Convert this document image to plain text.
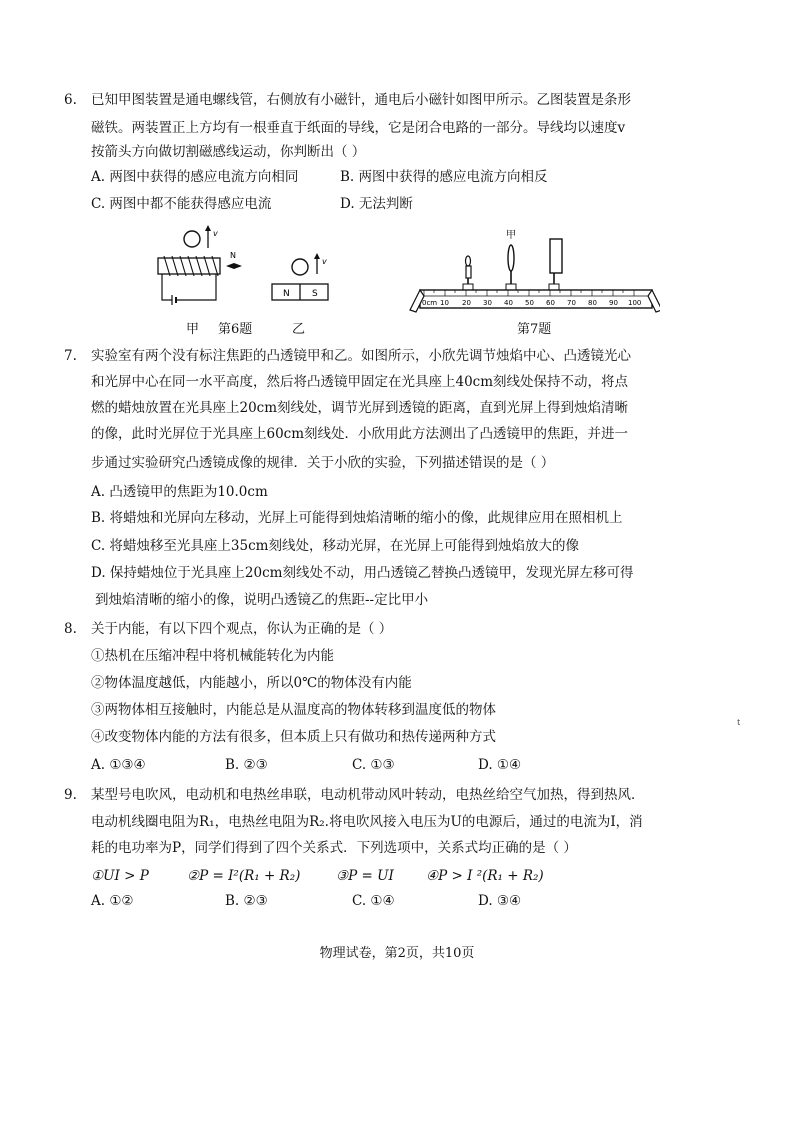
6. 已知甲图装置是通电螺线管，右侧放有小磁针，通电后小磁针如图甲所示。乙图装置是条形
磁铁。两装置正上方均有一根垂直于纸面的导线，它是闭合电路的一部分。导线均以速度v
按箭头方向做切割磁感线运动，你判断出（ ）
A. 两图中获得的感应电流方向相同	B. 两图中获得的感应电流方向相反
C. 两图中都不能获得感应电流	D. 无法判断
v
N
v
N S
甲 第6题	乙
甲
0cm 10 20 30 40 50 60 70 80 90 100
第7题
7. 实验室有两个没有标注焦距的凸透镜甲和乙。如图所示，小欣先调节烛焰中心、凸透镜光心
和光屏中心在同一水平高度，然后将凸透镜甲固定在光具座上40cm刻线处保持不动，将点
燃的蜡烛放置在光具座上20cm刻线处，调节光屏到透镜的距离，直到光屏上得到烛焰清晰
的像，此时光屏位于光具座上60cm刻线处．小欣用此方法测出了凸透镜甲的焦距，并进一
步通过实验研究凸透镜成像的规律．关于小欣的实验，下列描述错误的是（ ）
A. 凸透镜甲的焦距为10.0cm
B. 将蜡烛和光屏向左移动，光屏上可能得到烛焰清晰的缩小的像，此规律应用在照相机上
C. 将蜡烛移至光具座上35cm刻线处，移动光屏，在光屏上可能得到烛焰放大的像
D. 保持蜡烛位于光具座上20cm刻线处不动，用凸透镜乙替换凸透镜甲，发现光屏左移可得
到烛焰清晰的缩小的像，说明凸透镜乙的焦距--定比甲小
8. 关于内能，有以下四个观点，你认为正确的是（ ）
①热机在压缩冲程中将机械能转化为内能
②物体温度越低，内能越小，所以0℃的物体没有内能
③两物体相互接触时，内能总是从温度高的物体转移到温度低的物体
④改变物体内能的方法有很多，但本质上只有做功和热传递两种方式
A. ①③④	B. ②③	C. ①③	D. ①④
9. 某型号电吹风，电动机和电热丝串联，电动机带动风叶转动，电热丝给空气加热，得到热风．
电动机线圈电阻为R₁，电热丝电阻为R₂.将电吹风接入电压为U的电源后，通过的电流为I，消
耗的电功率为P，同学们得到了四个关系式．下列选项中，关系式均正确的是（ ）
①UI > P	②P = I²(R₁ + R₂)	③P = UI ④P > I ²(R₁ + R₂)
A. ①②	B. ②③	C. ①④	D. ③④
t
物理试卷，第2页，共10页
